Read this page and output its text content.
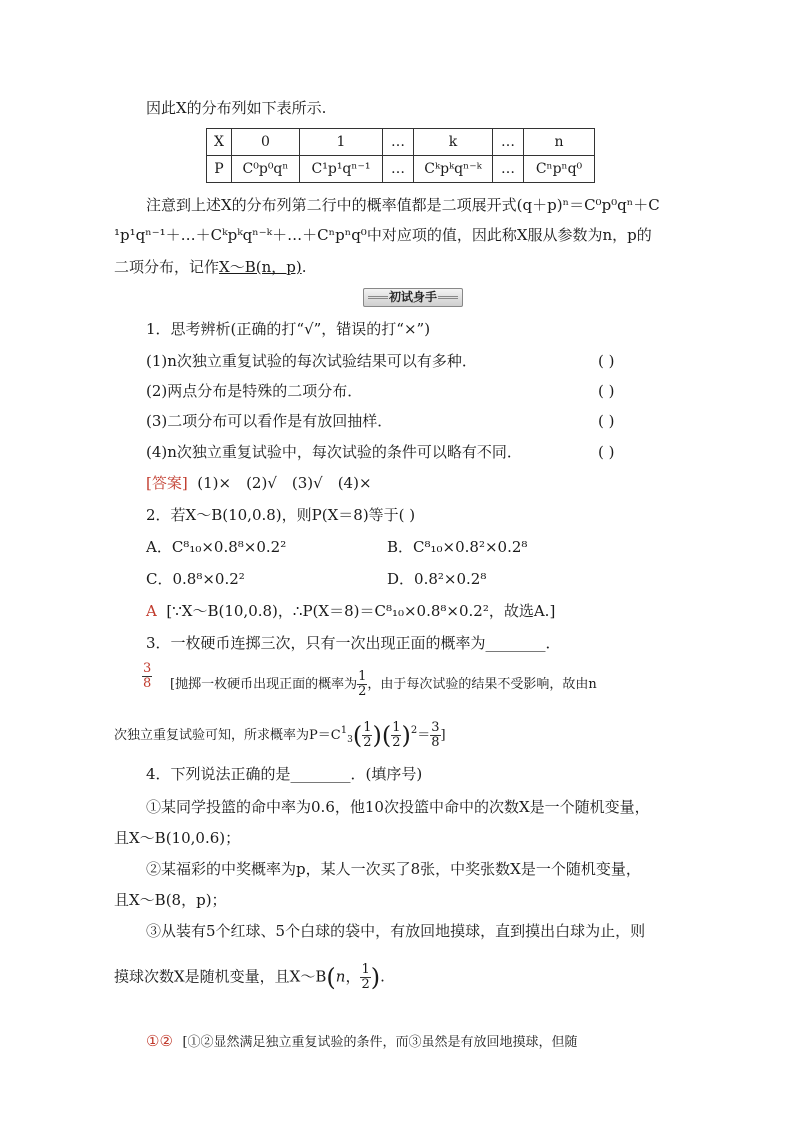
因此X的分布列如下表所示.
X	0	1	…	k	…	n
P	C⁰p⁰qⁿ	C¹p¹qⁿ⁻¹	…	Cᵏpᵏqⁿ⁻ᵏ	…	Cⁿpⁿq⁰
注意到上述X的分布列第二行中的概率值都是二项展开式(q＋p)ⁿ＝C⁰p⁰qⁿ＋C
¹p¹qⁿ⁻¹＋…＋Cᵏpᵏqⁿ⁻ᵏ＋…＋Cⁿpⁿq⁰中对应项的值，因此称X服从参数为n，p的
二项分布，记作X～B(n，p).
初试身手
1．思考辨析(正确的打“√”，错误的打“×”)
(1)n次独立重复试验的每次试验结果可以有多种．	( )
(2)两点分布是特殊的二项分布．	( )
(3)二项分布可以看作是有放回抽样．	( )
(4)n次独立重复试验中，每次试验的条件可以略有不同．	( )
[答案] (1)×　(2)√　(3)√　(4)×
2．若X～B(10,0.8)，则P(X＝8)等于( )
A．C⁸₁₀×0.8⁸×0.2²	B．C⁸₁₀×0.8²×0.2⁸
C．0.8⁸×0.2²	D．0.8²×0.2⁸
A [∵X～B(10,0.8)，∴P(X＝8)＝C⁸₁₀×0.8⁸×0.2²，故选A.]
3．一枚硬币连掷三次，只有一次出现正面的概率为________．
$\frac{3}{8}$ [抛掷一枚硬币出现正面的概率为 $\frac{1}{2}$ ，由于每次试验的结果不受影响，故由n
次独立重复试验可知，所求概率为$P=C^1_3( \frac{1}{2}$ )( $\frac{1}{2} )^2= \frac{3}{8}$ ]
4．下列说法正确的是________．(填序号)
①某同学投篮的命中率为0.6，他10次投篮中命中的次数X是一个随机变量，
且X～B(10,0.6)；
②某福彩的中奖概率为p，某人一次买了8张，中奖张数X是一个随机变量，
且X～B(8，p)；
③从装有5个红球、5个白球的袋中，有放回地摸球，直到摸出白球为止，则
摸球次数X是随机变量，且X～B(n， $\frac{1}{2}$ ).
①② [①②显然满足独立重复试验的条件，而③虽然是有放回地摸球，但随
